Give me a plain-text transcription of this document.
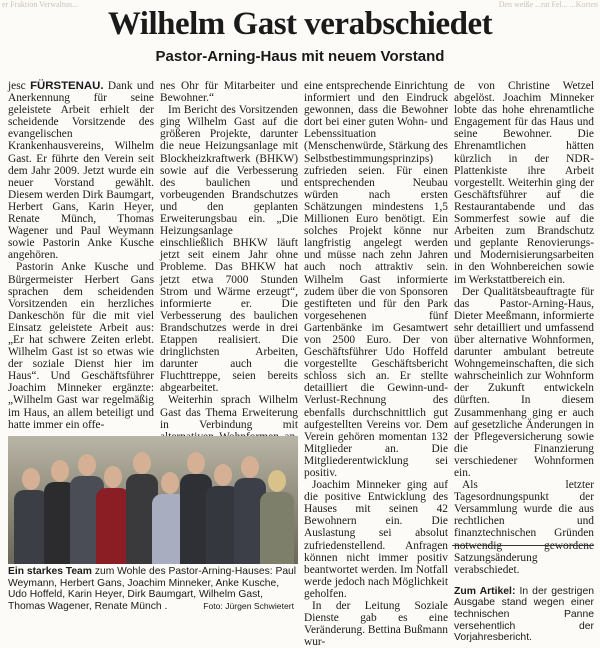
er Fraktion Verwaltun...	Den weiße ...rat Fel... ...Korten
Wilhelm Gast verabschiedet
Pastor-Arning-Haus mit neuem Vorstand

jesc FÜRSTENAU. Dank und Anerkennung für seine geleistete Arbeit erhielt der scheidende Vorsitzende des evangelischen Krankenhausvereins, Wilhelm Gast. Er führte den Verein seit dem Jahr 2009. Jetzt wurde ein neuer Vorstand gewählt. Diesem werden Dirk Baumgart, Herbert Gans, Karin Heyer, Renate Münch, Thomas Wagener und Paul Weymann sowie Pastorin Anke Kusche angehören.

Pastorin Anke Kusche und Bürgermeister Herbert Gans sprachen dem scheidenden Vorsitzenden ein herzliches Dankeschön für die mit viel Einsatz geleistete Arbeit aus: „Er hat schwere Zeiten erlebt. Wilhelm Gast ist so etwas wie der soziale Dienst hier im Haus“. Und Geschäftsführer Joachim Minneker ergänzte: „Wilhelm Gast war regelmäßig im Haus, an allem beteiligt und hatte immer ein offe-

nes Ohr für Mitarbeiter und Bewohner.“

Im Bericht des Vorsitzenden ging Wilhelm Gast auf die größeren Projekte, darunter die neue Heizungsanlage mit Blockheizkraftwerk (BHKW) sowie auf die Verbesserung des baulichen und vorbeugenden Brandschutzes und den geplanten Erweiterungsbau ein. „Die Heizungsanlage einschließlich BHKW läuft jetzt seit einem Jahr ohne Probleme. Das BHKW hat jetzt etwa 7000 Stunden Strom und Wärme erzeugt“, informierte er. Die Verbesserung des baulichen Brandschutzes werde in drei Etappen realisiert. Die dringlichsten Arbeiten, darunter auch die Fluchttreppe, seien bereits abgearbeitet.

Weiterhin sprach Wilhelm Gast das Thema Erweiterung in Verbindung mit

eine entsprechende Einrichtung informiert und den Eindruck gewonnen, dass die Bewohner dort bei einer guten Wohn- und Lebenssituation (Menschenwürde, Stärkung des Selbstbestimmungsprinzips) zufrieden seien. Für einen entsprechenden Neubau würden nach ersten Schätzungen mindestens 1,5 Millionen Euro benötigt. Ein solches Projekt könne nur langfristig angelegt werden und müsse nach zehn Jahren auch noch attraktiv sein. Wilhelm Gast informierte zudem über die von Sponsoren gestifteten und für den Park vorgesehenen fünf Gartenbänke im Gesamtwert von 2500 Euro. Der von Geschäftsführer Udo Hoffeld vorgestellte Geschäftsbericht schloss sich an. Er stellte detailliert die Gewinn-und-Verlust-Rechnung des ebenfalls durchschnittlich gut aufgestellten Vereins vor. Dem Verein gehören momentan 132 Mitglieder an. Die Mitgliederentwicklung sei positiv.

Joachim Minneker ging auf die positive Entwicklung des Hauses mit seinen 42 Bewohnern ein. Die Auslastung sei absolut zufriedenstellend. Anfragen können nicht immer positiv beantwortet werden. Im Notfall werde jedoch nach Möglichkeit geholfen.

In der Leitung Soziale Dienste gab es eine Veränderung. Bettina Bußmann wur-

de von Christine Wetzel abgelöst. Joachim Minneker lobte das hohe ehrenamtliche Engagement für das Haus und seine Bewohner. Die Ehrenamtlichen hätten kürzlich in der NDR-Plattenkiste ihre Arbeit vorgestellt. Weiterhin ging der Geschäftsführer auf die Restaurantabende und das Sommerfest sowie auf die Arbeiten zum Brandschutz und geplante Renovierungs- und Modernisierungsarbeiten in den Wohnbereichen sowie im Werkstattbereich ein.

Der Qualitätsbeauftragte für das Pastor-Arning-Haus, Dieter Meeßmann, informierte sehr detailliert und umfassend über alternative Wohnformen, darunter ambulant betreute Wohngemeinschaften, die sich wahrscheinlich zur Wohnform der Zukunft entwickeln dürften. In diesem Zusammenhang ging er auch auf gesetzliche Änderungen in der Pflegeversicherung sowie die Finanzierung verschiedener Wohnformen ein.

Als letzter Tagesordnungspunkt der Versammlung wurde die aus rechtlichen und finanztechnischen Gründen notwendig gewordene Satzungsänderung verabschiedet.

Zum Artikel: In der gestrigen Ausgabe stand wegen einer technischen Panne versehentlich der Vorjahresbericht.

Ein starkes Team zum Wohle des Pastor-Arning-Hauses: Paul Weymann, Herbert Gans, Joachim Minneker, Anke Kusche, Udo Hoffeld, Karin Heyer, Dirk Baumgart, Wilhelm Gast, Thomas Wagener, Renate Münch .	Foto: Jürgen Schwietert
